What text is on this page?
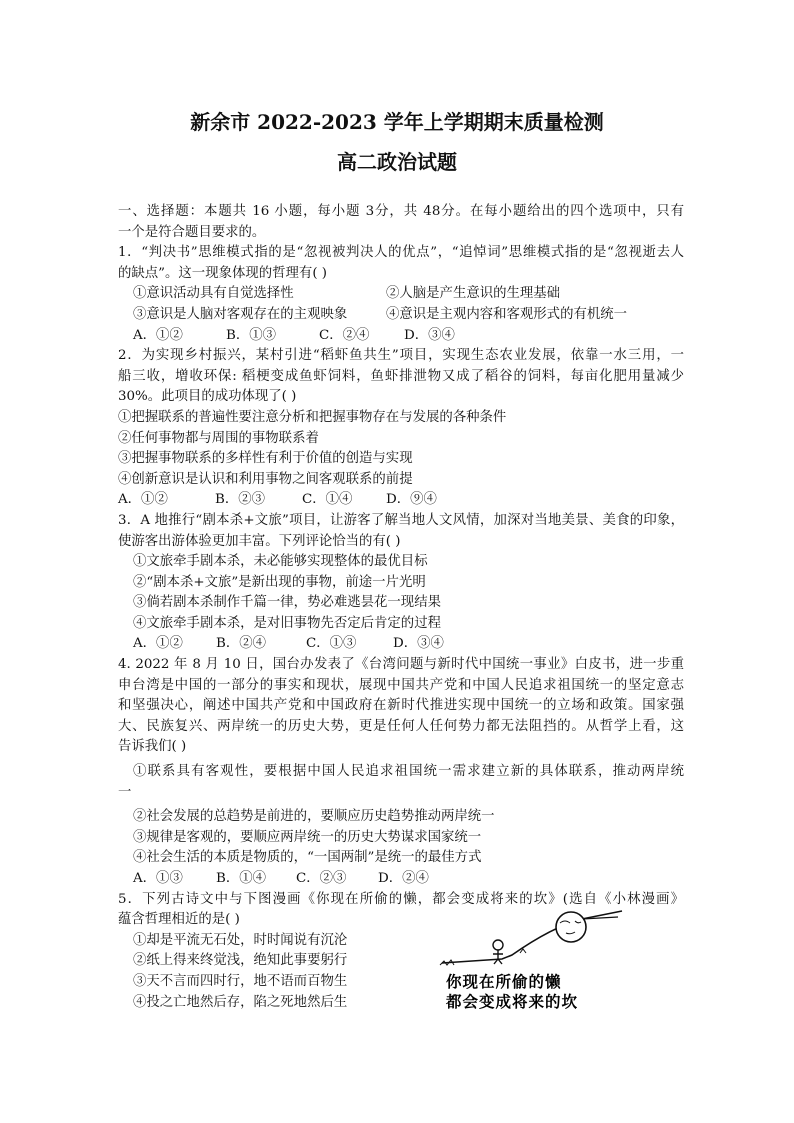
新余市 2022-2023 学年上学期期末质量检测
高二政治试题
一、选择题：本题共 16 小题，每小题 3分，共 48分。在每小题给出的四个选项中，只有
一个是符合题目要求的。
1．“判决书”思维模式指的是“忽视被判决人的优点”，“追悼词”思维模式指的是“忽视逝去人
的缺点”。这一现象体现的哲理有( )
①意识活动具有自觉选择性	②人脑是产生意识的生理基础
③意识是人脑对客观存在的主观映象	④意识是主观内容和客观形式的有机统一
A．①②	B．①③	C．②④	D．③④
2．为实现乡村振兴，某村引进“稻虾鱼共生”项目，实现生态农业发展，依靠一水三用，一
船三收，增收环保: 稻梗变成鱼虾饲料，鱼虾排泄物又成了稻谷的饲料，每亩化肥用量减少
30%。此项目的成功体现了( )
①把握联系的普遍性要注意分析和把握事物存在与发展的各种条件
②任何事物都与周围的事物联系着
③把握事物联系的多样性有利于价值的创造与实现
④创新意识是认识和利用事物之间客观联系的前提
A．①②	B．②③	C．①④	D．⑨④
3．A 地推行“剧本杀+文旅”项目，让游客了解当地人文风情，加深对当地美景、美食的印象，
使游客出游体验更加丰富。下列评论恰当的有( )
①文旅牵手剧本杀，未必能够实现整体的最优目标
②“剧本杀+文旅”是新出现的事物，前途一片光明
③倘若剧本杀制作千篇一律，势必难逃昙花一现结果
④文旅牵手剧本杀，是对旧事物先否定后肯定的过程
A．①②	B．②④	C．①③	D．③④
4. 2022 年 8 月 10 日，国台办发表了《台湾问题与新时代中国统一事业》白皮书，进一步重
申台湾是中国的一部分的事实和现状，展现中国共产党和中国人民追求祖国统一的坚定意志
和坚强决心，阐述中国共产党和中国政府在新时代推进实现中国统一的立场和政策。国家强
大、民族复兴、两岸统一的历史大势，更是任何人任何势力都无法阻挡的。从哲学上看，这
告诉我们( )
①联系具有客观性，要根据中国人民追求祖国统一需求建立新的具体联系，推动两岸统
一
②社会发展的总趋势是前进的，要顺应历史趋势推动两岸统一
③规律是客观的，要顺应两岸统一的历史大势谋求国家统一
④社会生活的本质是物质的，“一国两制”是统一的最佳方式
A．①③	B．①④	C．②③	D．②④
5．下列古诗文中与下图漫画《你现在所偷的懒，都会变成将来的坎》(选自《小林漫画》
蕴含哲理相近的是( )
①却是平流无石处，时时闻说有沉沦
②纸上得来终觉浅，绝知此事要躬行
③天不言而四时行，地不语而百物生
④投之亡地然后存，陷之死地然后生
你现在所偷的懒
都会变成将来的坎
